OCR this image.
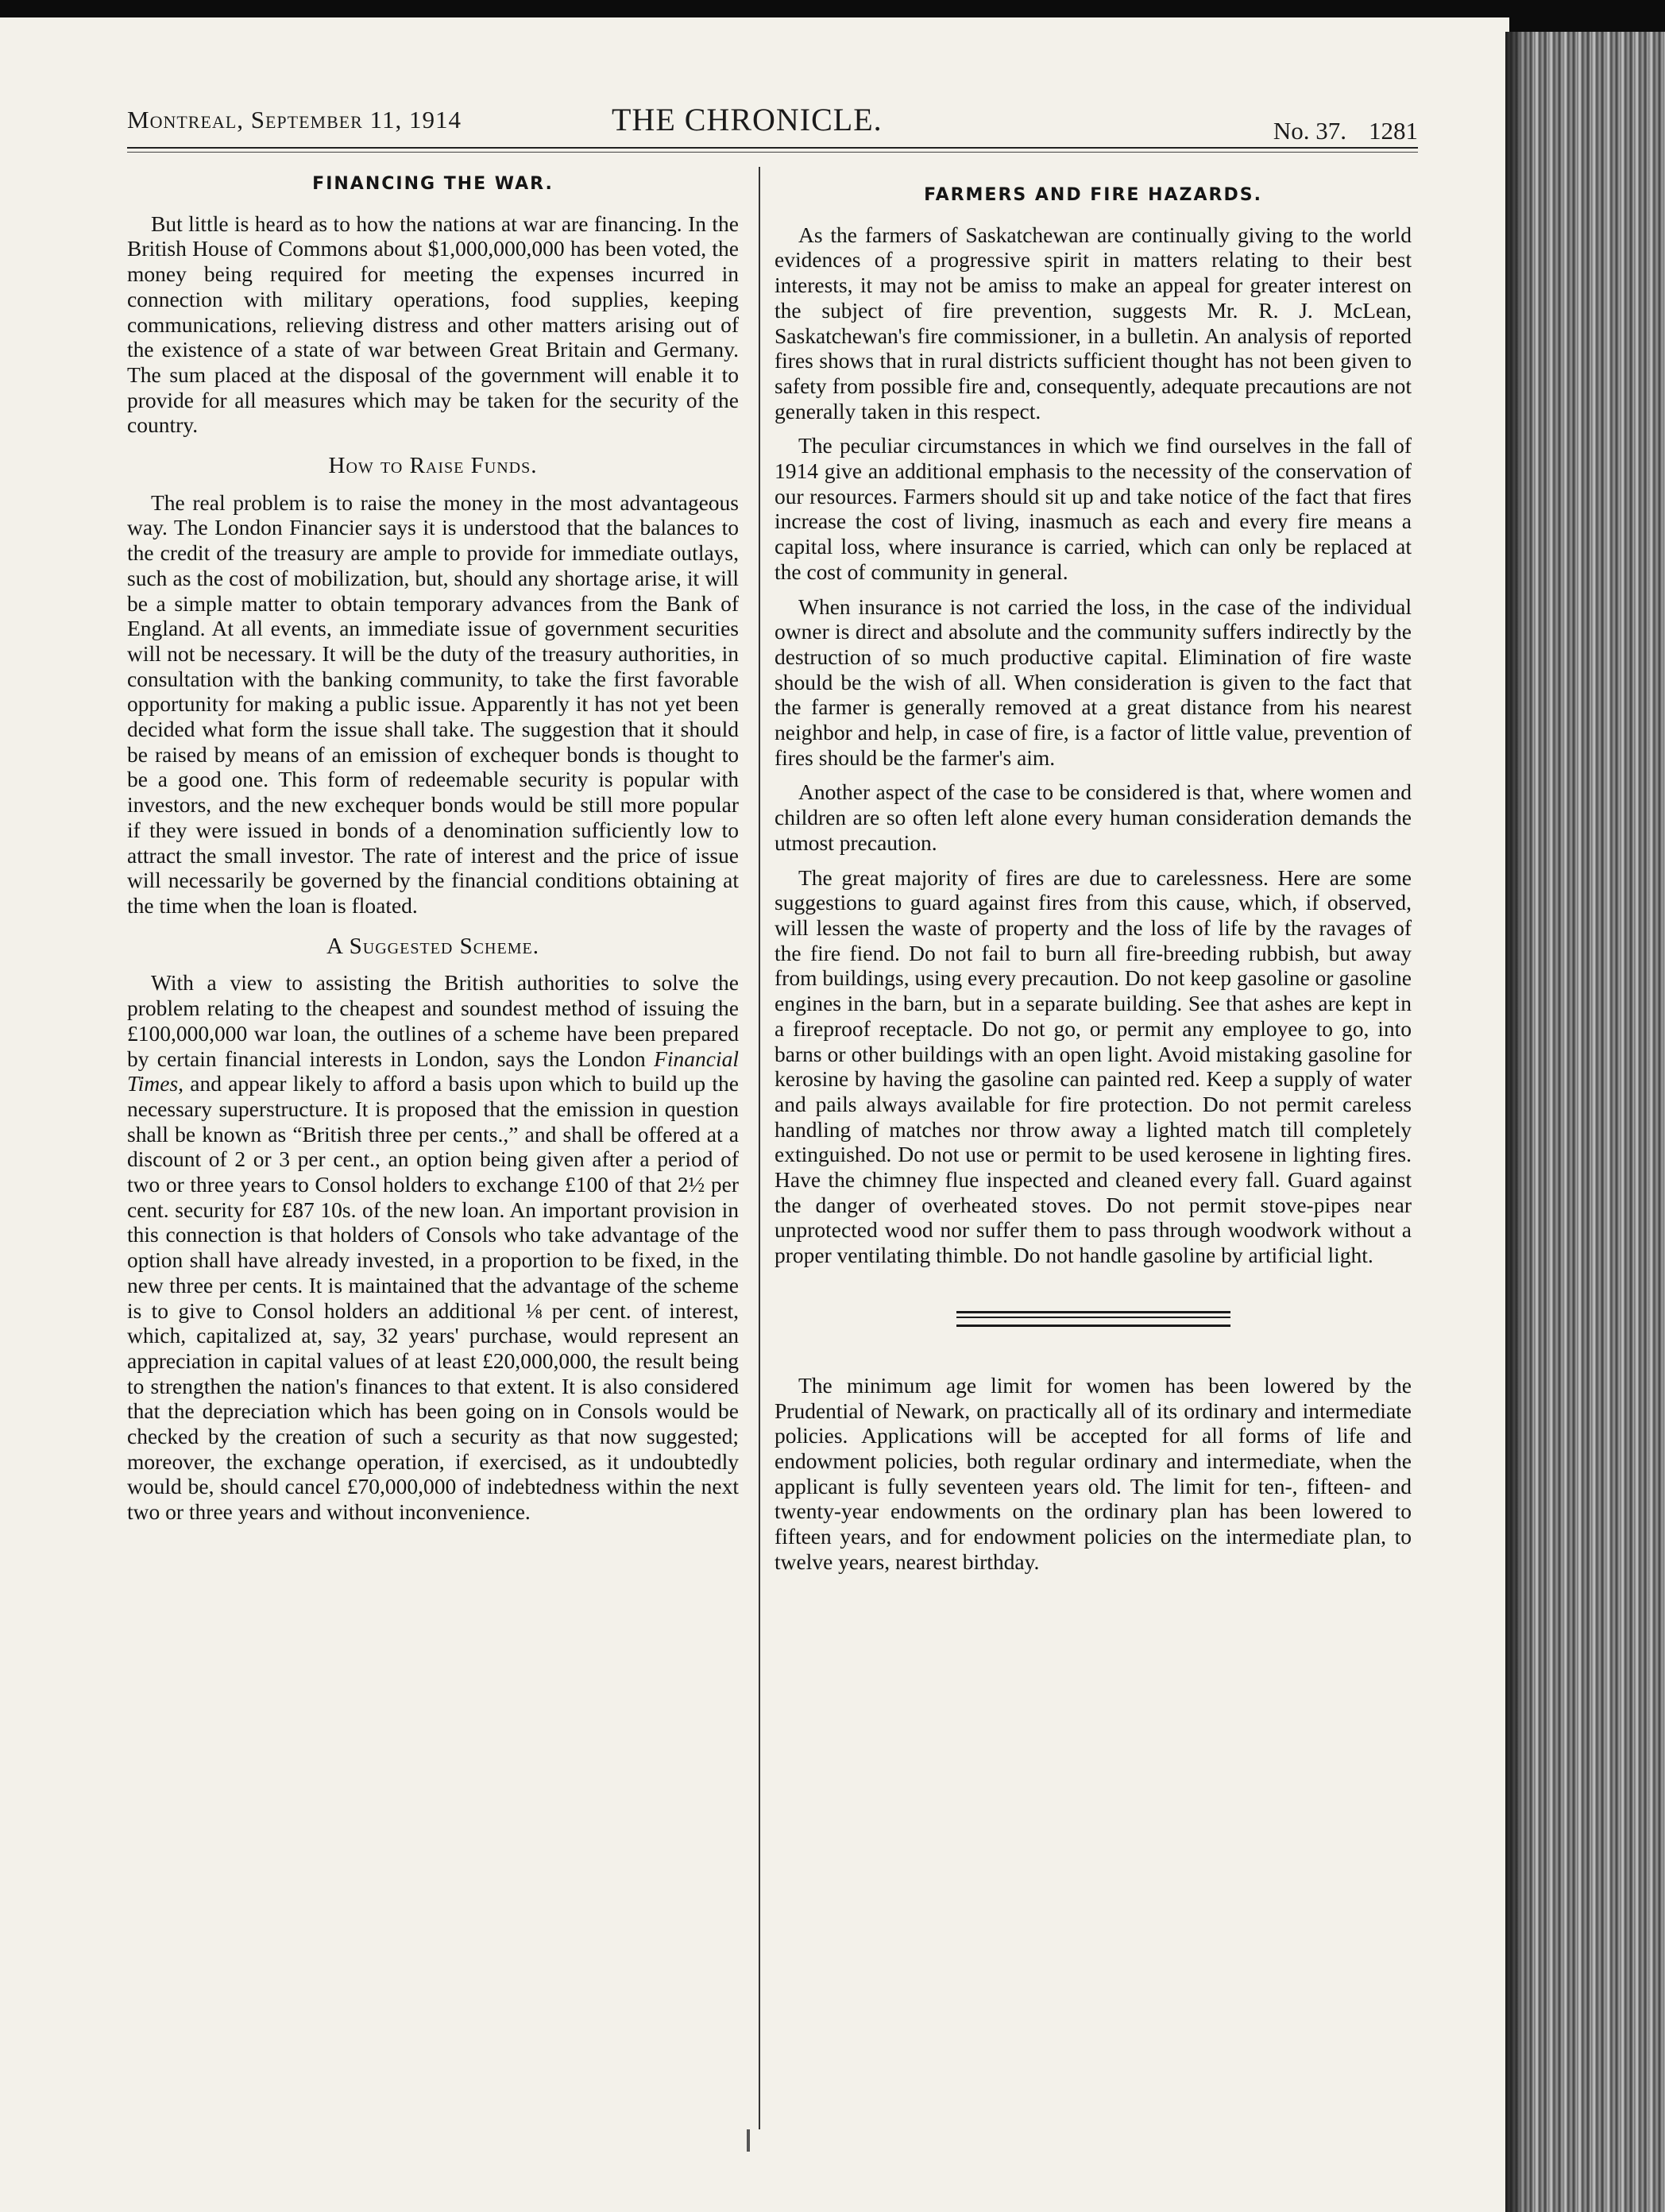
Montreal, September 11, 1914	THE CHRONICLE.	No. 37. 1281
FINANCING THE WAR.

But little is heard as to how the nations at war are financing. In the British House of Commons about $1,000,000,000 has been voted, the money being required for meeting the expenses incurred in connection with military operations, food supplies, keeping communications, relieving distress and other matters arising out of the existence of a state of war between Great Britain and Germany. The sum placed at the disposal of the government will enable it to provide for all measures which may be taken for the security of the country.

How to Raise Funds.

The real problem is to raise the money in the most advantageous way. The London Financier says it is understood that the balances to the credit of the treasury are ample to provide for immediate outlays, such as the cost of mobilization, but, should any shortage arise, it will be a simple matter to obtain temporary advances from the Bank of England. At all events, an immediate issue of government securities will not be necessary. It will be the duty of the treasury authorities, in consultation with the banking community, to take the first favorable opportunity for making a public issue. Apparently it has not yet been decided what form the issue shall take. The suggestion that it should be raised by means of an emission of exchequer bonds is thought to be a good one. This form of redeemable security is popular with investors, and the new exchequer bonds would be still more popular if they were issued in bonds of a denomination sufficiently low to attract the small investor. The rate of interest and the price of issue will necessarily be governed by the financial conditions obtaining at the time when the loan is floated.

A Suggested Scheme.

With a view to assisting the British authorities to solve the problem relating to the cheapest and soundest method of issuing the £100,000,000 war loan, the outlines of a scheme have been prepared by certain financial interests in London, says the London Financial Times, and appear likely to afford a basis upon which to build up the necessary superstructure. It is proposed that the emission in question shall be known as “British three per cents.,” and shall be offered at a discount of 2 or 3 per cent., an option being given after a period of two or three years to Consol holders to exchange £100 of that 2½ per cent. security for £87 10s. of the new loan. An important provision in this connection is that holders of Consols who take advantage of the option shall have already invested, in a proportion to be fixed, in the new three per cents. It is maintained that the advantage of the scheme is to give to Consol holders an additional ⅛ per cent. of interest, which, capitalized at, say, 32 years' purchase, would represent an appreciation in capital values of at least £20,000,000, the result being to strengthen the nation's finances to that extent. It is also considered that the depreciation which has been going on in Consols would be checked by the creation of such a security as that now suggested; moreover, the exchange operation, if exercised, as it undoubtedly would be, should cancel £70,000,000 of indebtedness within the next two or three years and without inconvenience.

FARMERS AND FIRE HAZARDS.

As the farmers of Saskatchewan are continually giving to the world evidences of a progressive spirit in matters relating to their best interests, it may not be amiss to make an appeal for greater interest on the subject of fire prevention, suggests Mr. R. J. McLean, Saskatchewan's fire commissioner, in a bulletin. An analysis of reported fires shows that in rural districts sufficient thought has not been given to safety from possible fire and, consequently, adequate precautions are not generally taken in this respect.

The peculiar circumstances in which we find ourselves in the fall of 1914 give an additional emphasis to the necessity of the conservation of our resources. Farmers should sit up and take notice of the fact that fires increase the cost of living, inasmuch as each and every fire means a capital loss, where insurance is carried, which can only be replaced at the cost of community in general.

When insurance is not carried the loss, in the case of the individual owner is direct and absolute and the community suffers indirectly by the destruction of so much productive capital. Elimination of fire waste should be the wish of all. When consideration is given to the fact that the farmer is generally removed at a great distance from his nearest neighbor and help, in case of fire, is a factor of little value, prevention of fires should be the farmer's aim.

Another aspect of the case to be considered is that, where women and children are so often left alone every human consideration demands the utmost precaution.

The great majority of fires are due to carelessness. Here are some suggestions to guard against fires from this cause, which, if observed, will lessen the waste of property and the loss of life by the ravages of the fire fiend. Do not fail to burn all fire-breeding rubbish, but away from buildings, using every precaution. Do not keep gasoline or gasoline engines in the barn, but in a separate building. See that ashes are kept in a fireproof receptacle. Do not go, or permit any employee to go, into barns or other buildings with an open light. Avoid mistaking gasoline for kerosine by having the gasoline can painted red. Keep a supply of water and pails always available for fire protection. Do not permit careless handling of matches nor throw away a lighted match till completely extinguished. Do not use or permit to be used kerosene in lighting fires. Have the chimney flue inspected and cleaned every fall. Guard against the danger of overheated stoves. Do not permit stove-pipes near unprotected wood nor suffer them to pass through woodwork without a proper ventilating thimble. Do not handle gasoline by artificial light.

The minimum age limit for women has been lowered by the Prudential of Newark, on practically all of its ordinary and intermediate policies. Applications will be accepted for all forms of life and endowment policies, both regular ordinary and intermediate, when the applicant is fully seventeen years old. The limit for ten-, fifteen- and twenty-year endowments on the ordinary plan has been lowered to fifteen years, and for endowment policies on the intermediate plan, to twelve years, nearest birthday.
